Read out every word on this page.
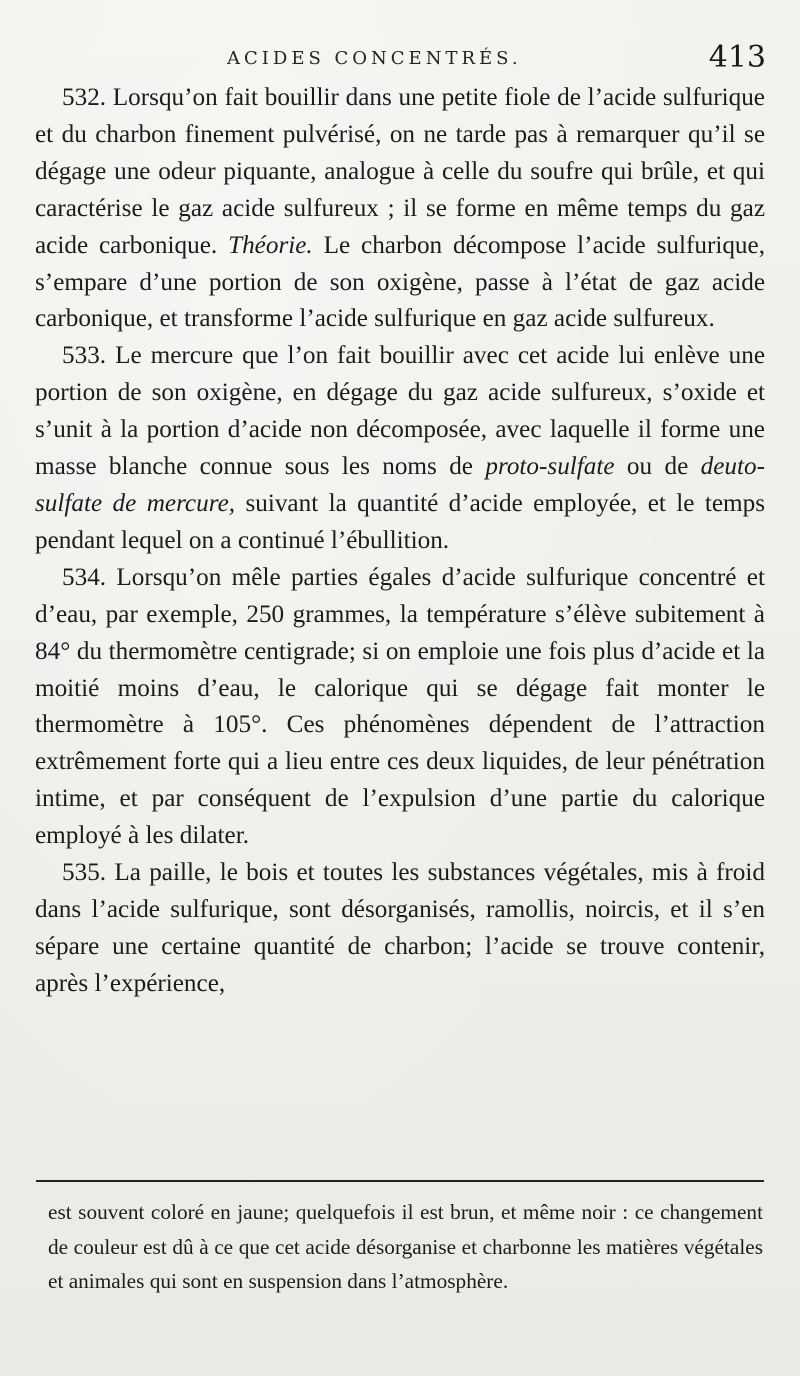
ACIDES CONCENTRÉS.	413

532. Lorsqu’on fait bouillir dans une petite fiole de l’acide sulfurique et du charbon finement pulvérisé, on ne tarde pas à remarquer qu’il se dégage une odeur piquante, analogue à celle du soufre qui brûle, et qui caractérise le gaz acide sulfureux ; il se forme en même temps du gaz acide carbonique. Théorie. Le charbon décompose l’acide sulfurique, s’empare d’une portion de son oxigène, passe à l’état de gaz acide carbonique, et transforme l’acide sulfurique en gaz acide sulfureux.

533. Le mercure que l’on fait bouillir avec cet acide lui enlève une portion de son oxigène, en dégage du gaz acide sulfureux, s’oxide et s’unit à la portion d’acide non décomposée, avec laquelle il forme une masse blanche connue sous les noms de proto-sulfate ou de deuto-sulfate de mercure, suivant la quantité d’acide employée, et le temps pendant lequel on a continué l’ébullition.

534. Lorsqu’on mêle parties égales d’acide sulfurique concentré et d’eau, par exemple, 250 grammes, la température s’élève subitement à 84° du thermomètre centigrade; si on emploie une fois plus d’acide et la moitié moins d’eau, le calorique qui se dégage fait monter le thermomètre à 105°. Ces phénomènes dépendent de l’attraction extrêmement forte qui a lieu entre ces deux liquides, de leur pénétration intime, et par conséquent de l’expulsion d’une partie du calorique employé à les dilater.

535. La paille, le bois et toutes les substances végétales, mis à froid dans l’acide sulfurique, sont désorganisés, ramollis, noircis, et il s’en sépare une certaine quantité de charbon; l’acide se trouve contenir, après l’expérience,

est souvent coloré en jaune; quelquefois il est brun, et même noir : ce changement de couleur est dû à ce que cet acide désorganise et charbonne les matières végétales et animales qui sont en suspension dans l’atmosphère.
